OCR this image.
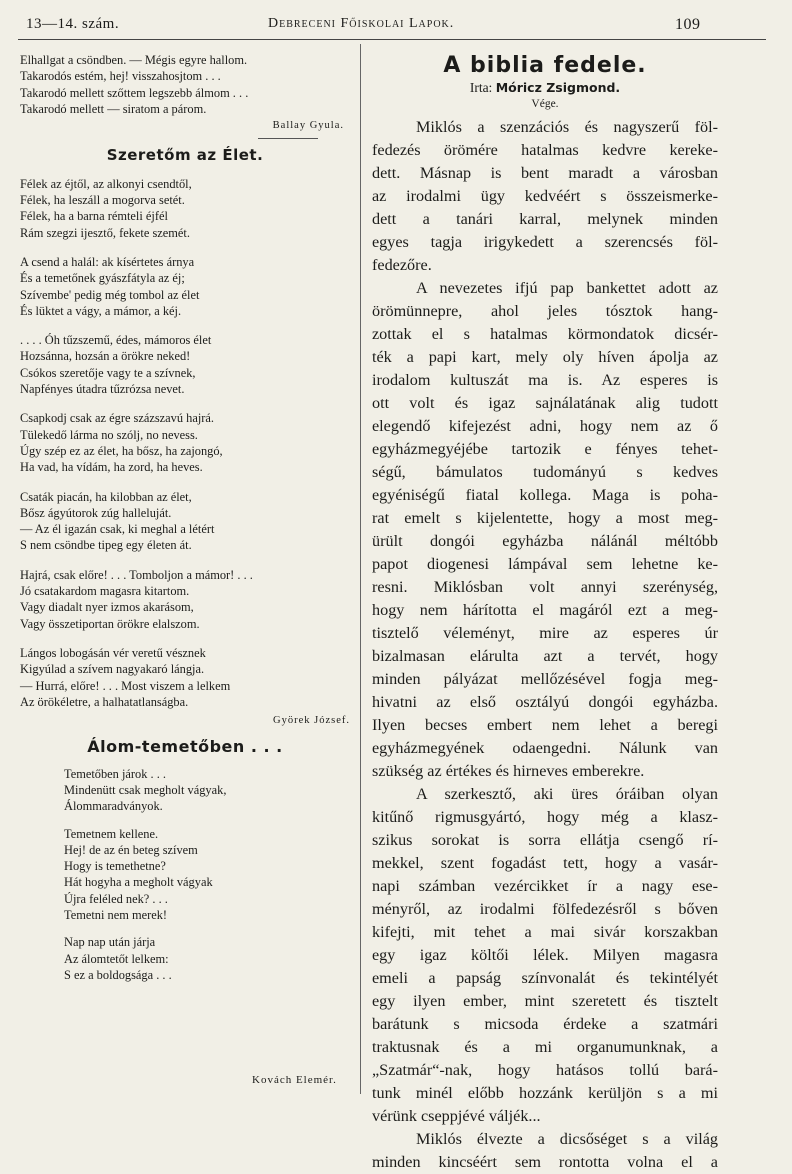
13—14. szám.	Debreceni Főiskolai Lapok.	109
Elhallgat a csöndben. — Mégis egyre hallom.
Takarodós estém, hej! visszahosjtom . . .
Takarodó mellett szőttem legszebb álmom . . .
Takarodó mellett — siratom a párom.
Ballay Gyula.
Szeretőm az Élet.
Félek az éjtől, az alkonyi csendtől,
Félek, ha leszáll a mogorva setét.
Félek, ha a barna rémteli éjfél
Rám szegzi ijesztő, fekete szemét.
A csend a halál: ak kísértetes árnya
És a temetőnek gyászfátyla az éj;
Szívembe' pedig még tombol az élet
És lüktet a vágy, a mámor, a kéj.
. . . . Óh tűzszemű, édes, mámoros élet
Hozsánna, hozsán a örökre neked!
Csókos szeretője vagy te a szívnek,
Napfényes útadra tűzrózsa nevet.
Csapkodj csak az égre százszavú hajrá.
Tülekedő lárma no szólj, no nevess.
Úgy szép ez az élet, ha bősz, ha zajongó,
Ha vad, ha vídám, ha zord, ha heves.
Csaták piacán, ha kilobban az élet,
Bősz ágyútorok zúg halleluját.
— Az él igazán csak, ki meghal a létért
S nem csöndbe tipeg egy életen át.
Hajrá, csak előre! . . . Tomboljon a mámor! . . .
Jó csatakardom magasra kitartom.
Vagy diadalt nyer izmos akarásom,
Vagy összetiportan örökre elalszom.
Lángos lobogásán vér veretű vésznek
Kigyúlad a szívem nagyakaró lángja.
— Hurrá, előre! . . . Most viszem a lelkem
Az örökéletre, a halhatatlanságba.
Györek József.
Álom-temetőben . . .
Temetőben járok . . .
Mindenütt csak megholt vágyak,
Álommaradványok.
Temetnem kellene.
Hej! de az én beteg szívem
Hogy is temethetne?
Hát hogyha a megholt vágyak
Újra feléled nek? . . .
Temetni nem merek!
Nap nap után járja
Az álomtetőt lelkem:
S ez a boldogsága . . .
Kovách Elemér.
A biblia fedele.
Irta: Móricz Zsigmond.
Vége.
Miklós a szenzációs és nagyszerű föl-
fedezés örömére hatalmas kedvre kereke-
dett. Másnap is bent maradt a városban
az irodalmi ügy kedvéért s összeismerke-
dett a tanári karral, melynek minden
egyes tagja irigykedett a szerencsés föl-
fedezőre.
A nevezetes ifjú pap bankettet adott az
örömünnepre, ahol jeles tósztok hang-
zottak el s hatalmas körmondatok dicsér-
ték a papi kart, mely oly híven ápolja az
irodalom kultuszát ma is. Az esperes is
ott volt és igaz sajnálatának alig tudott
elegendő kifejezést adni, hogy nem az ő
egyházmegyéjébe tartozik e fényes tehet-
ségű, bámulatos tudományú s kedves
egyéniségű fiatal kollega. Maga is poha-
rat emelt s kijelentette, hogy a most meg-
ürült dongói egyházba nálánál méltóbb
papot diogenesi lámpával sem lehetne ke-
resni. Miklósban volt annyi szerénység,
hogy nem hárította el magáról ezt a meg-
tisztelő véleményt, mire az esperes úr
bizalmasan elárulta azt a tervét, hogy
minden pályázat mellőzésével fogja meg-
hivatni az első osztályú dongói egyházba.
Ilyen becses embert nem lehet a beregi
egyházmegyének odaengedni. Nálunk van
szükség az értékes és hirneves emberekre.
A szerkesztő, aki üres óráiban olyan
kitűnő rigmusgyártó, hogy még a klasz-
szikus sorokat is sorra ellátja csengő rí-
mekkel, szent fogadást tett, hogy a vasár-
napi számban vezércikket ír a nagy ese-
ményről, az irodalmi fölfedezésről s bőven
kifejti, mit tehet a mai sivár korszakban
egy igaz költői lélek. Milyen magasra
emeli a papság színvonalát és tekintélyét
egy ilyen ember, mint szeretett és tisztelt
barátunk s micsoda érdeke a szatmári
traktusnak és a mi organumunknak, a
„Szatmár“-nak, hogy hatásos tollú bará-
tunk minél előbb hozzánk kerüljön s a mi
vérünk cseppjévé váljék...
Miklós élvezte a dicsőséget s a világ
minden kincséért sem rontotta volna el a
